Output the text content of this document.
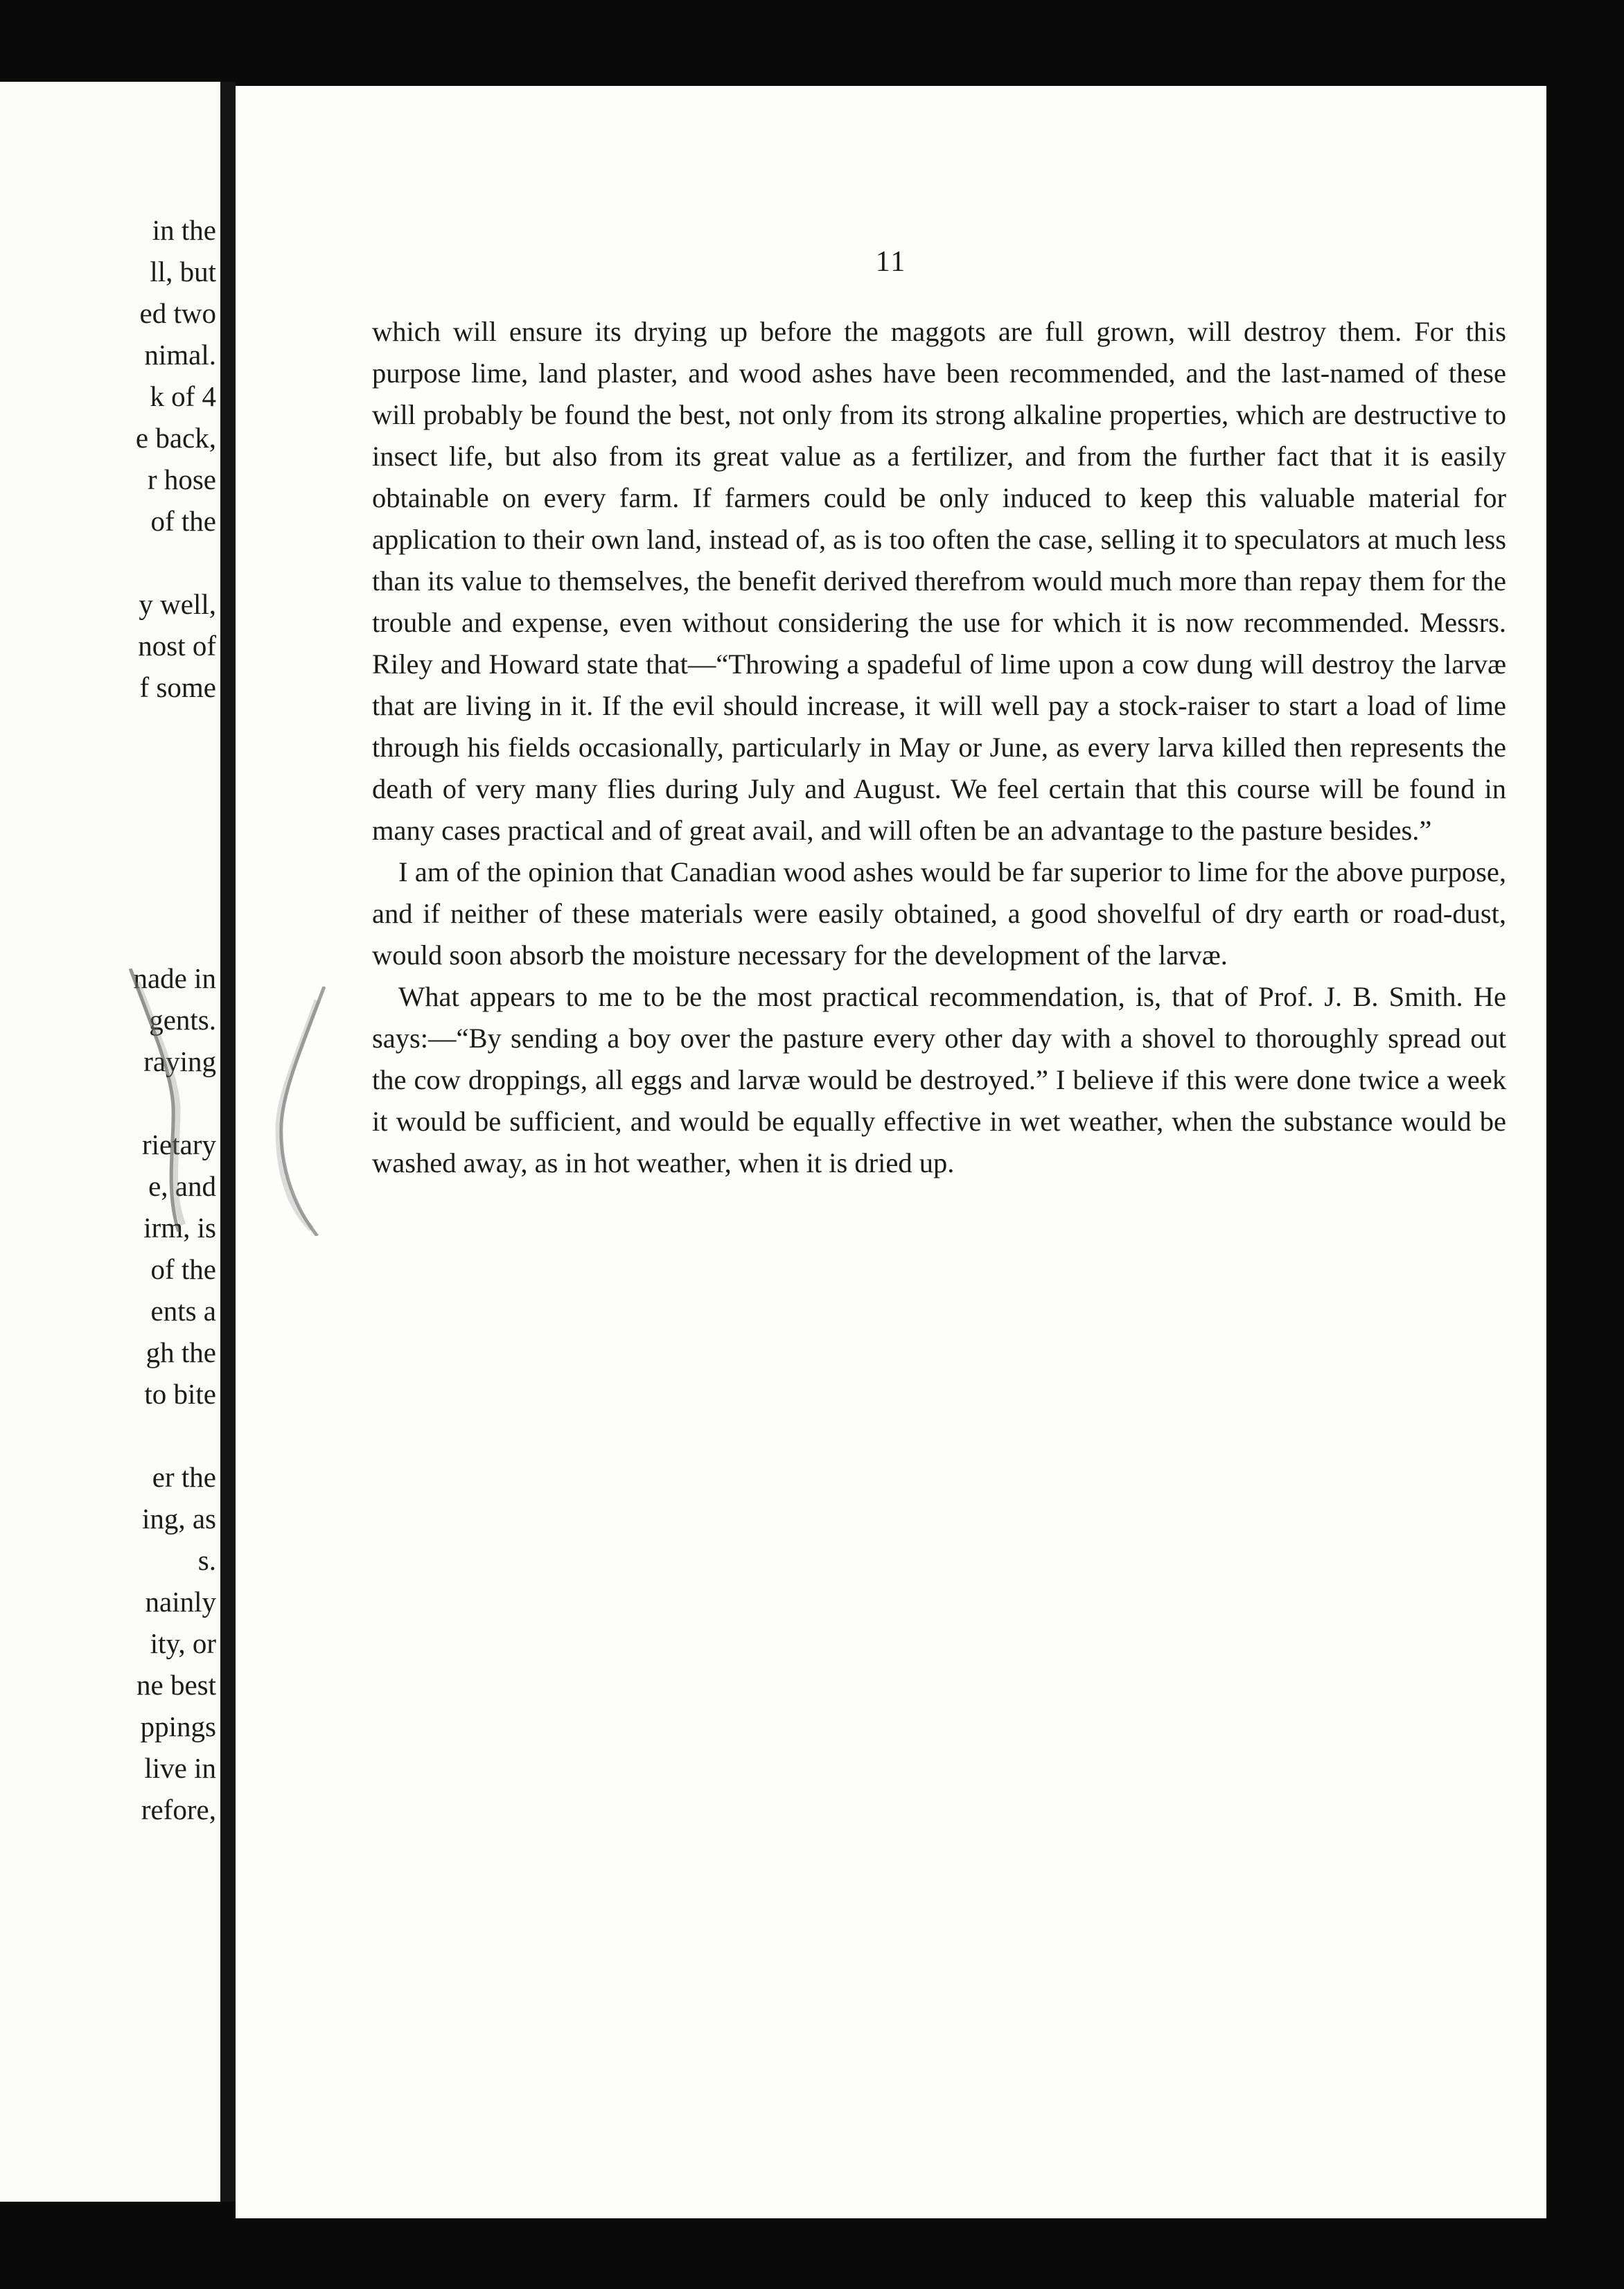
in the
ll, but
ed two
nimal.
k of 4
e back,
r hose
of the
y well,
nost of
f some
nade in
gents.
raying
rietary
e, and
irm, is
of the
ents a
gh the
to bite
er the
ing, as
s.
nainly
ity, or
ne best
ppings
live in
refore,
11

which will ensure its drying up before the maggots are full grown, will destroy them. For this purpose lime, land plaster, and wood ashes have been recommended, and the last-named of these will probably be found the best, not only from its strong alkaline properties, which are destructive to insect life, but also from its great value as a fertilizer, and from the further fact that it is easily obtainable on every farm. If farmers could be only induced to keep this valuable material for application to their own land, instead of, as is too often the case, selling it to speculators at much less than its value to themselves, the benefit derived therefrom would much more than repay them for the trouble and expense, even without considering the use for which it is now recommended. Messrs. Riley and Howard state that—“Throwing a spadeful of lime upon a cow dung will destroy the larvæ that are living in it. If the evil should increase, it will well pay a stock-raiser to start a load of lime through his fields occasionally, particularly in May or June, as every larva killed then represents the death of very many flies during July and August. We feel certain that this course will be found in many cases practical and of great avail, and will often be an advantage to the pasture besides.”

I am of the opinion that Canadian wood ashes would be far superior to lime for the above purpose, and if neither of these materials were easily obtained, a good shovelful of dry earth or road-dust, would soon absorb the moisture necessary for the development of the larvæ.

What appears to me to be the most practical recommendation, is, that of Prof. J. B. Smith. He says:—“By sending a boy over the pasture every other day with a shovel to thoroughly spread out the cow droppings, all eggs and larvæ would be destroyed.” I believe if this were done twice a week it would be sufficient, and would be equally effective in wet weather, when the substance would be washed away, as in hot weather, when it is dried up.
